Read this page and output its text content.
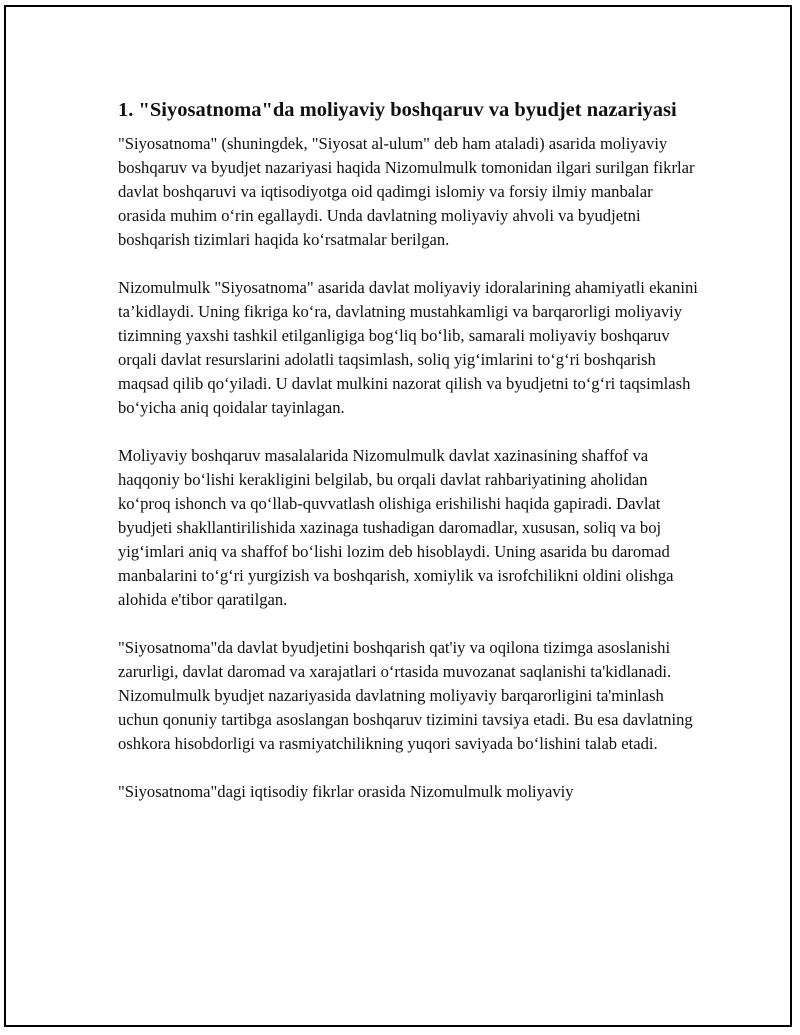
1. "Siyosatnoma"da moliyaviy boshqaruv va byudjet nazariyasi

"Siyosatnoma" (shuningdek, "Siyosat al-ulum" deb ham ataladi) asarida moliyaviy boshqaruv va byudjet nazariyasi haqida Nizomulmulk tomonidan ilgari surilgan fikrlar davlat boshqaruvi va iqtisodiyotga oid qadimgi islomiy va forsiy ilmiy manbalar orasida muhim o‘rin egallaydi. Unda davlatning moliyaviy ahvoli va byudjetni boshqarish tizimlari haqida ko‘rsatmalar berilgan.

Nizomulmulk "Siyosatnoma" asarida davlat moliyaviy idoralarining ahamiyatli ekanini ta’kidlaydi. Uning fikriga ko‘ra, davlatning mustahkamligi va barqarorligi moliyaviy tizimning yaxshi tashkil etilganligiga bog‘liq bo‘lib, samarali moliyaviy boshqaruv orqali davlat resurslarini adolatli taqsimlash, soliq yig‘imlarini to‘g‘ri boshqarish maqsad qilib qo‘yiladi. U davlat mulkini nazorat qilish va byudjetni to‘g‘ri taqsimlash bo‘yicha aniq qoidalar tayinlagan.

Moliyaviy boshqaruv masalalarida Nizomulmulk davlat xazinasining shaffof va haqqoniy bo‘lishi kerakligini belgilab, bu orqali davlat rahbariyatining aholidan ko‘proq ishonch va qo‘llab-quvvatlash olishiga erishilishi haqida gapiradi. Davlat byudjeti shakllantirilishida xazinaga tushadigan daromadlar, xususan, soliq va boj yig‘imlari aniq va shaffof bo‘lishi lozim deb hisoblaydi. Uning asarida bu daromad manbalarini to‘g‘ri yurgizish va boshqarish, xomiylik va isrofchilikni oldini olishga alohida e'tibor qaratilgan.

"Siyosatnoma"da davlat byudjetini boshqarish qat'iy va oqilona tizimga asoslanishi zarurligi, davlat daromad va xarajatlari o‘rtasida muvozanat saqlanishi ta'kidlanadi. Nizomulmulk byudjet nazariyasida davlatning moliyaviy barqarorligini ta'minlash uchun qonuniy tartibga asoslangan boshqaruv tizimini tavsiya etadi. Bu esa davlatning oshkora hisobdorligi va rasmiyatchilikning yuqori saviyada bo‘lishini talab etadi.

"Siyosatnoma"dagi iqtisodiy fikrlar orasida Nizomulmulk moliyaviy
